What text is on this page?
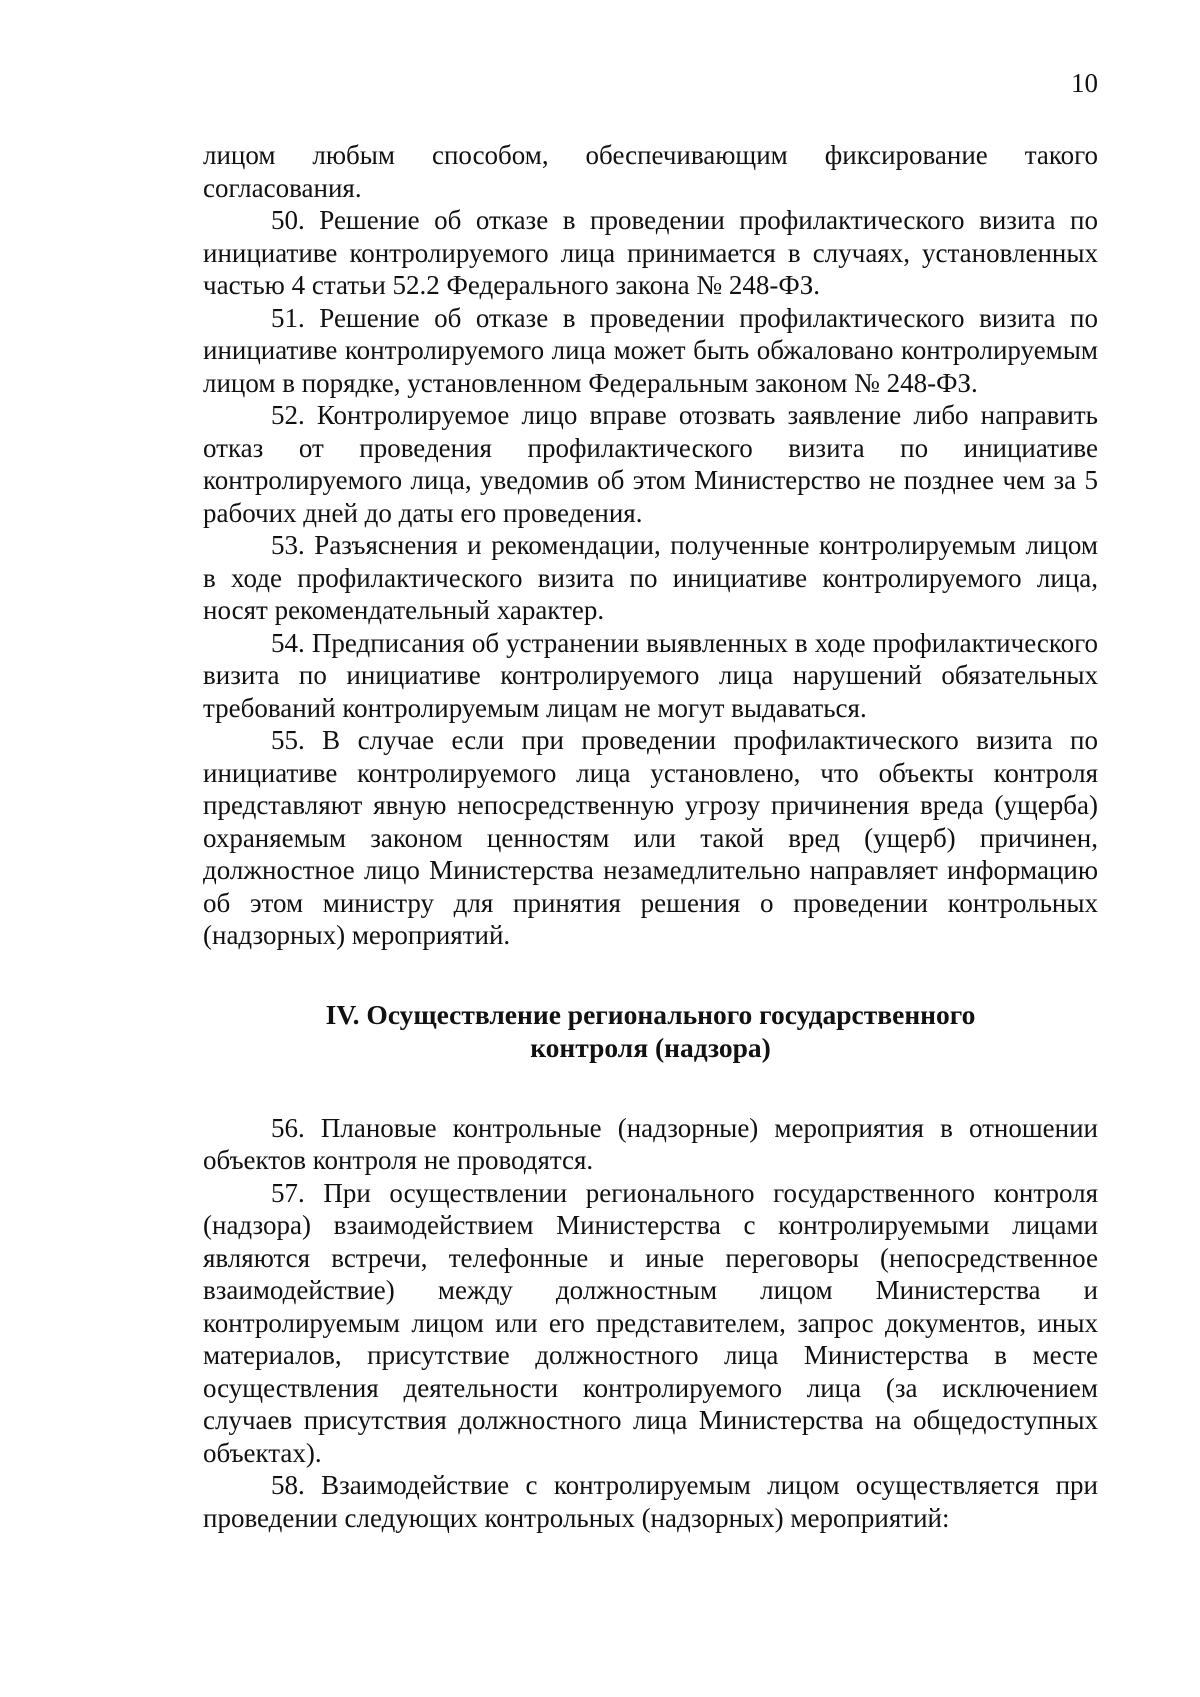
10

лицом любым способом, обеспечивающим фиксирование такого согласования.

50. Решение об отказе в проведении профилактического визита по инициативе контролируемого лица принимается в случаях, установленных частью 4 статьи 52.2 Федерального закона № 248-ФЗ.

51. Решение об отказе в проведении профилактического визита по инициативе контролируемого лица может быть обжаловано контролируемым лицом в порядке, установленном Федеральным законом № 248-ФЗ.

52. Контролируемое лицо вправе отозвать заявление либо направить отказ от проведения профилактического визита по инициативе контролируемого лица, уведомив об этом Министерство не позднее чем за 5 рабочих дней до даты его проведения.

53. Разъяснения и рекомендации, полученные контролируемым лицом в ходе профилактического визита по инициативе контролируемого лица, носят рекомендательный характер.

54. Предписания об устранении выявленных в ходе профилактического визита по инициативе контролируемого лица нарушений обязательных требований контролируемым лицам не могут выдаваться.

55. В случае если при проведении профилактического визита по инициативе контролируемого лица установлено, что объекты контроля представляют явную непосредственную угрозу причинения вреда (ущерба) охраняемым законом ценностям или такой вред (ущерб) причинен, должностное лицо Министерства незамедлительно направляет информацию об этом министру для принятия решения о проведении контрольных (надзорных) мероприятий.

IV. Осуществление регионального государственного
контроля (надзора)

56. Плановые контрольные (надзорные) мероприятия в отношении объектов контроля не проводятся.

57. При осуществлении регионального государственного контроля (надзора) взаимодействием Министерства с контролируемыми лицами являются встречи, телефонные и иные переговоры (непосредственное взаимодействие) между должностным лицом Министерства и контролируемым лицом или его представителем, запрос документов, иных материалов, присутствие должностного лица Министерства в месте осуществления деятельности контролируемого лица (за исключением случаев присутствия должностного лица Министерства на общедоступных объектах).

58. Взаимодействие с контролируемым лицом осуществляется при проведении следующих контрольных (надзорных) мероприятий:
